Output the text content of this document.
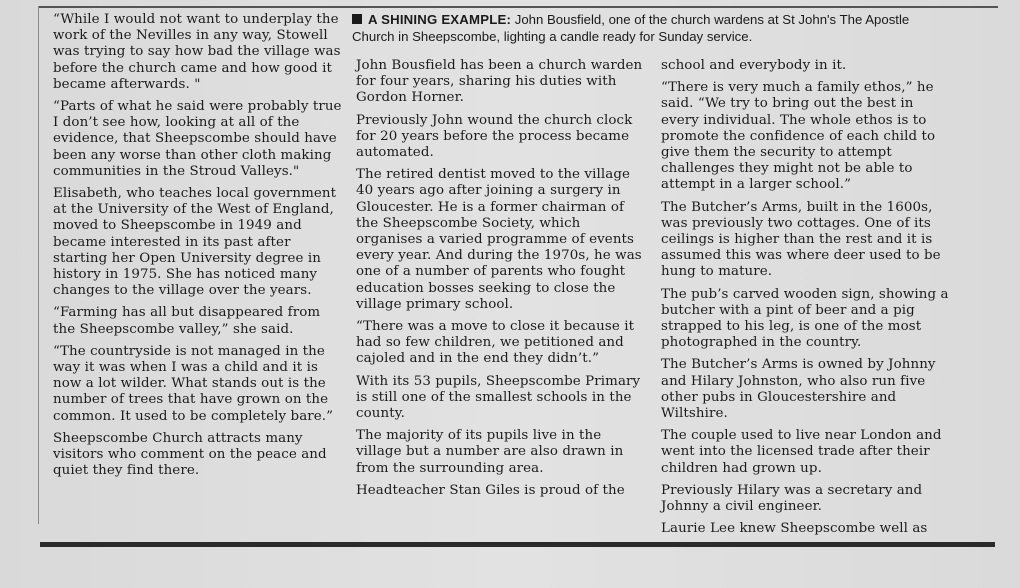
A SHINING EXAMPLE: John Bousfield, one of the church wardens at St John's The Apostle Church in Sheepscombe, lighting a candle ready for Sunday service.

“While I would not want to underplay the work of the Nevilles in any way, Stowell was trying to say how bad the village was before the church came and how good it became afterwards. "

“Parts of what he said were probably true I don’t see how, looking at all of the evidence, that Sheepscombe should have been any worse than other cloth making communities in the Stroud Valleys."

Elisabeth, who teaches local government at the University of the West of England, moved to Sheepscombe in 1949 and became interested in its past after starting her Open University degree in history in 1975. She has noticed many changes to the village over the years.

“Farming has all but disappeared from the Sheepscombe valley,” she said.

“The countryside is not managed in the way it was when I was a child and it is now a lot wilder. What stands out is the number of trees that have grown on the common. It used to be completely bare.”

Sheepscombe Church attracts many visitors who comment on the peace and quiet they find there.

John Bousfield has been a church warden for four years, sharing his duties with Gordon Horner.

Previously John wound the church clock for 20 years before the process became automated.

The retired dentist moved to the village 40 years ago after joining a surgery in Gloucester. He is a former chairman of the Sheepscombe Society, which organises a varied programme of events every year. And during the 1970s, he was one of a number of parents who fought education bosses seeking to close the village primary school.

“There was a move to close it because it had so few children, we petitioned and cajoled and in the end they didn’t.”

With its 53 pupils, Sheepscombe Primary is still one of the smallest schools in the county.

The majority of its pupils live in the village but a number are also drawn in from the surrounding area.

Headteacher Stan Giles is proud of the

school and everybody in it.

“There is very much a family ethos,” he said. “We try to bring out the best in every individual. The whole ethos is to promote the confidence of each child to give them the security to attempt challenges they might not be able to attempt in a larger school.”

The Butcher’s Arms, built in the 1600s, was previously two cottages. One of its ceilings is higher than the rest and it is assumed this was where deer used to be hung to mature.

The pub’s carved wooden sign, showing a butcher with a pint of beer and a pig strapped to his leg, is one of the most photographed in the country.

The Butcher’s Arms is owned by Johnny and Hilary Johnston, who also run five other pubs in Gloucestershire and Wiltshire.

The couple used to live near London and went into the licensed trade after their children had grown up.

Previously Hilary was a secretary and Johnny a civil engineer.

Laurie Lee knew Sheepscombe well as
